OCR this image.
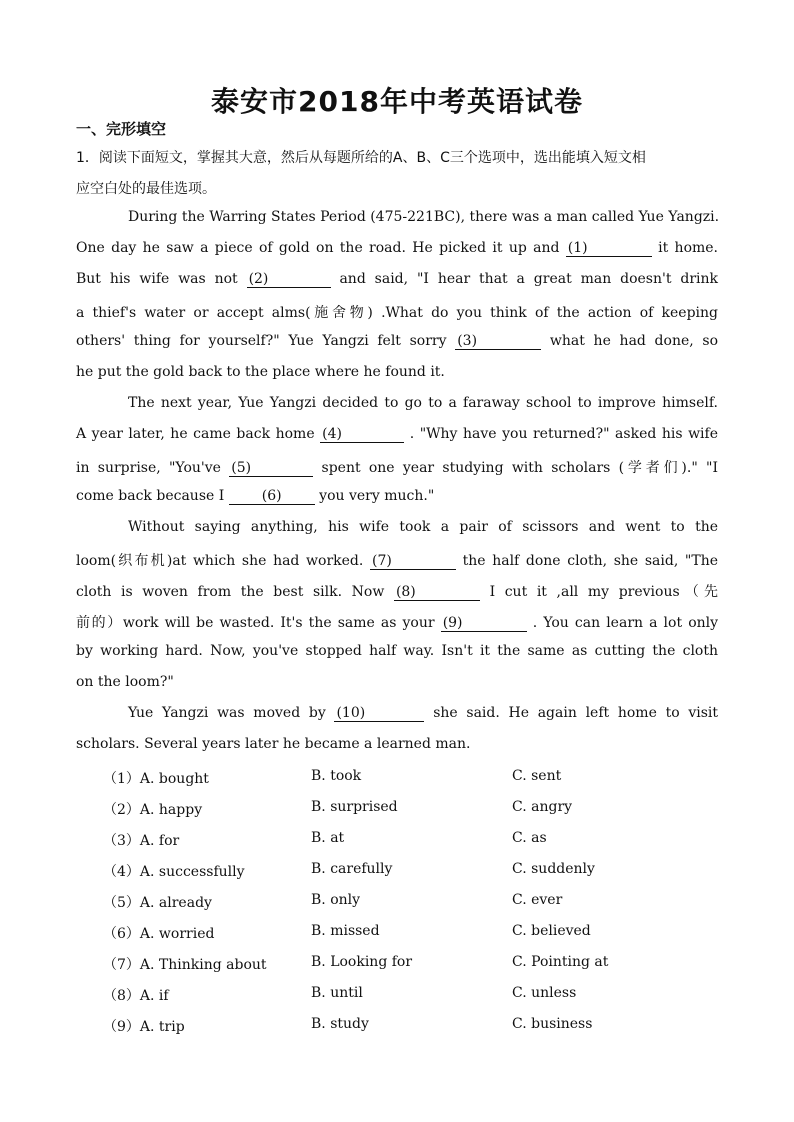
泰安市2018年中考英语试卷
一、完形填空
1．阅读下面短文，掌握其大意，然后从每题所给的A、B、C三个选项中，选出能填入短文相
应空白处的最佳选项。
During the Warring States Period (475-221BC), there was a man called Yue Yangzi.
One day he saw a piece of gold on the road. He picked it up and (1)	it home.
But his wife was not (2)	and said, "I hear that a great man doesn't drink
a thief's water or accept alms(施舍物) .What do you think of the action of keeping
others' thing for yourself?" Yue Yangzi felt sorry (3)	what he had done, so
he put the gold back to the place where he found it.
The next year, Yue Yangzi decided to go to a faraway school to improve himself.
A year later, he came back home (4)	. "Why have you returned?" asked his wife
in surprise, "You've (5)	spent one year studying with scholars (学者们)." "I
come back because I	(6)	you very much."
Without saying anything, his wife took a pair of scissors and went to the
loom(织布机)at which she had worked. (7)	the half done cloth, she said, "The
cloth is woven from the best silk. Now (8)	I cut it ,all my previous（先
前的）work will be wasted. It's the same as your (9)	. You can learn a lot only
by working hard. Now, you've stopped half way. Isn't it the same as cutting the cloth
on the loom?"
Yue Yangzi was moved by (10)	she said. He again left home to visit
scholars. Several years later he became a learned man.
（1）A. bought	B. took	C. sent
（2）A. happy	B. surprised	C. angry
（3）A. for	B. at	C. as
（4）A. successfully	B. carefully	C. suddenly
（5）A. already	B. only	C. ever
（6）A. worried	B. missed	C. believed
（7）A. Thinking about	B. Looking for	C. Pointing at
（8）A. if	B. until	C. unless
（9）A. trip	B. study	C. business
